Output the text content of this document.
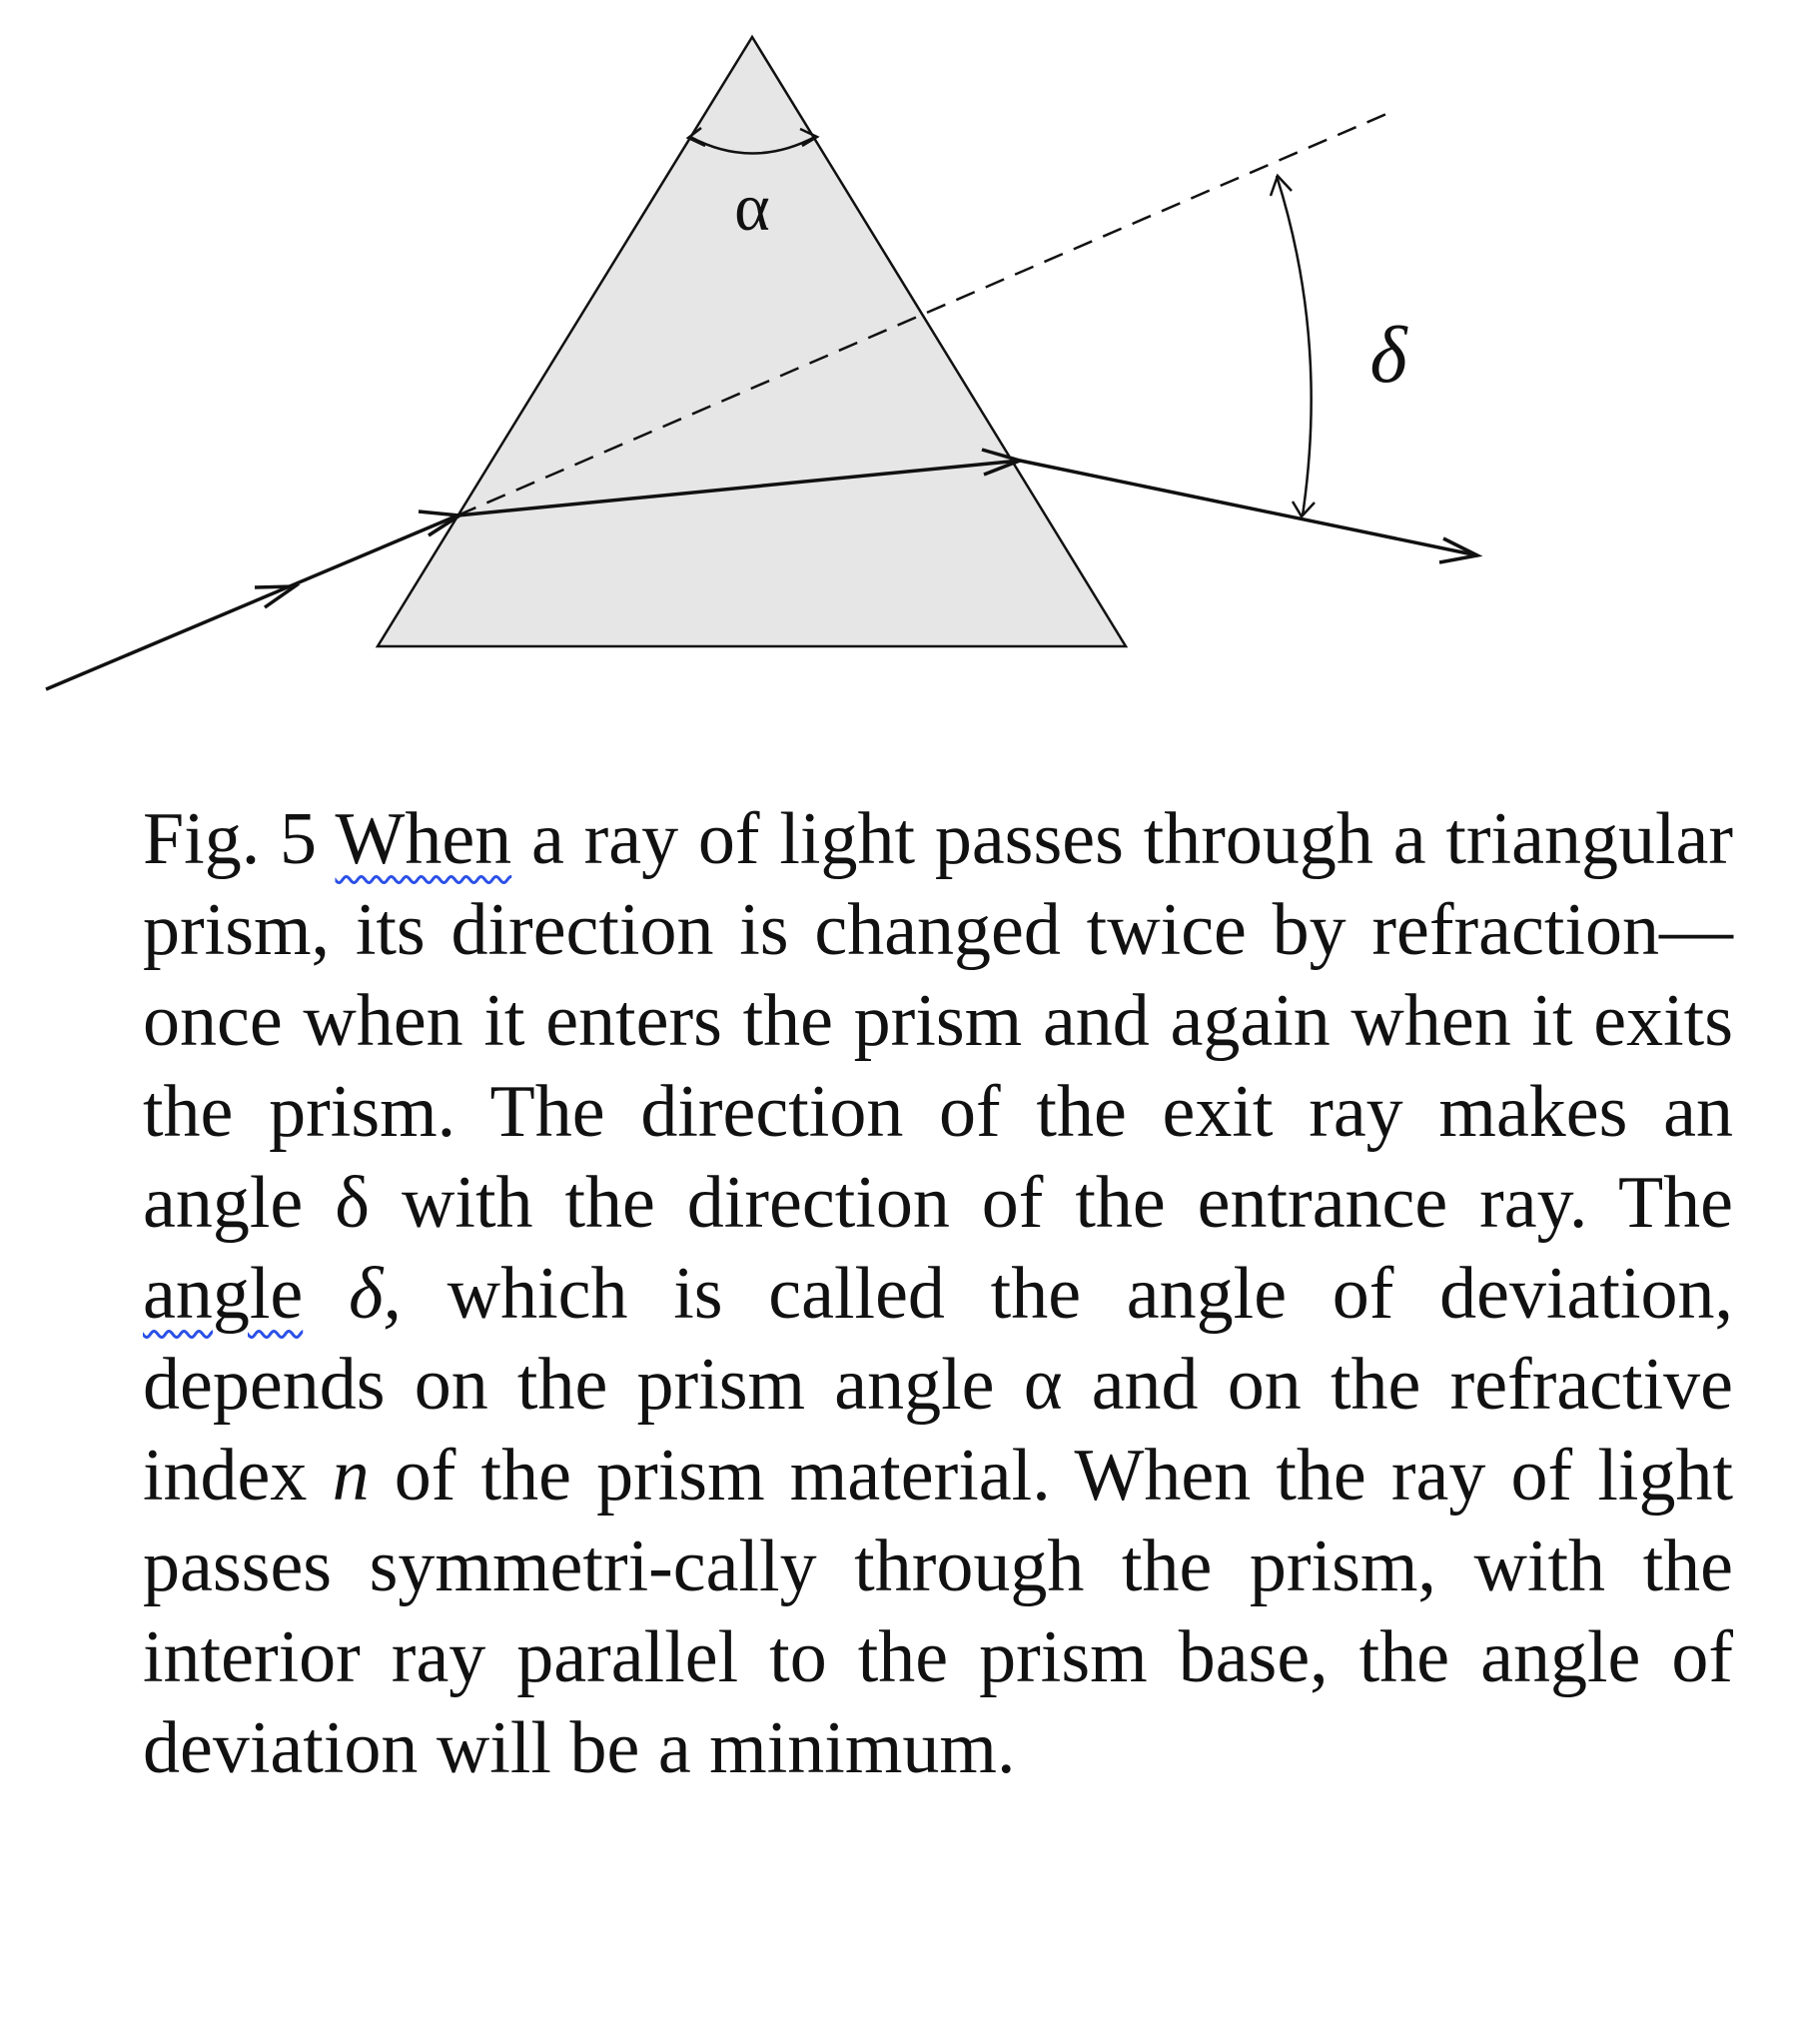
α
δ

Fig. 5 When a ray of light passes through a triangular prism, its direction is changed twice by refraction—once when it enters the prism and again when it exits the prism. The direction of the exit ray makes an angle δ with the direction of the entrance ray. The angle δ, which is called the angle of deviation, depends on the prism angle α and on the refractive index n of the prism material. When the ray of light passes symmetri-cally through the prism, with the interior ray parallel to the prism base, the angle of deviation will be a minimum.
